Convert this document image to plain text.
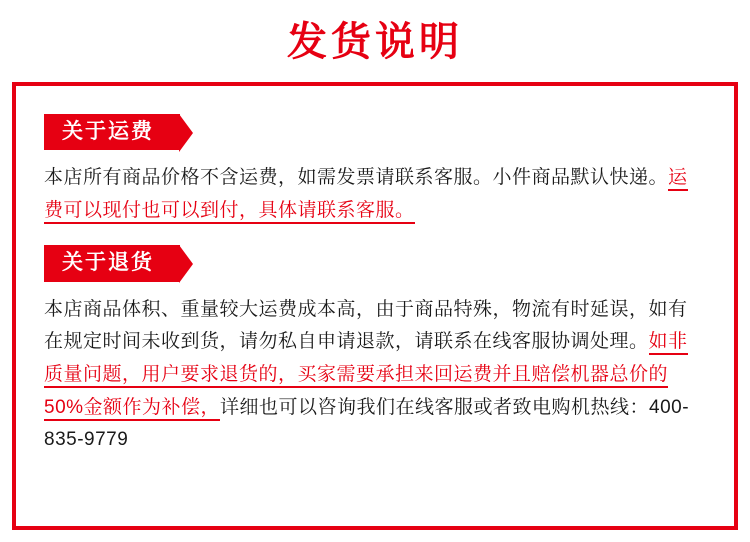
发货说明
关于运费
本店所有商品价格不含运费，如需发票请联系客服。小件商品默认快递。运费可以现付也可以到付，具体请联系客服。
关于退货
本店商品体积、重量较大运费成本高，由于商品特殊，物流有时延误，如有在规定时间未收到货，请勿私自申请退款，请联系在线客服协调处理。如非质量问题，用户要求退货的，买家需要承担来回运费并且赔偿机器总价的50%金额作为补偿，详细也可以咨询我们在线客服或者致电购机热线：400-835-9779
